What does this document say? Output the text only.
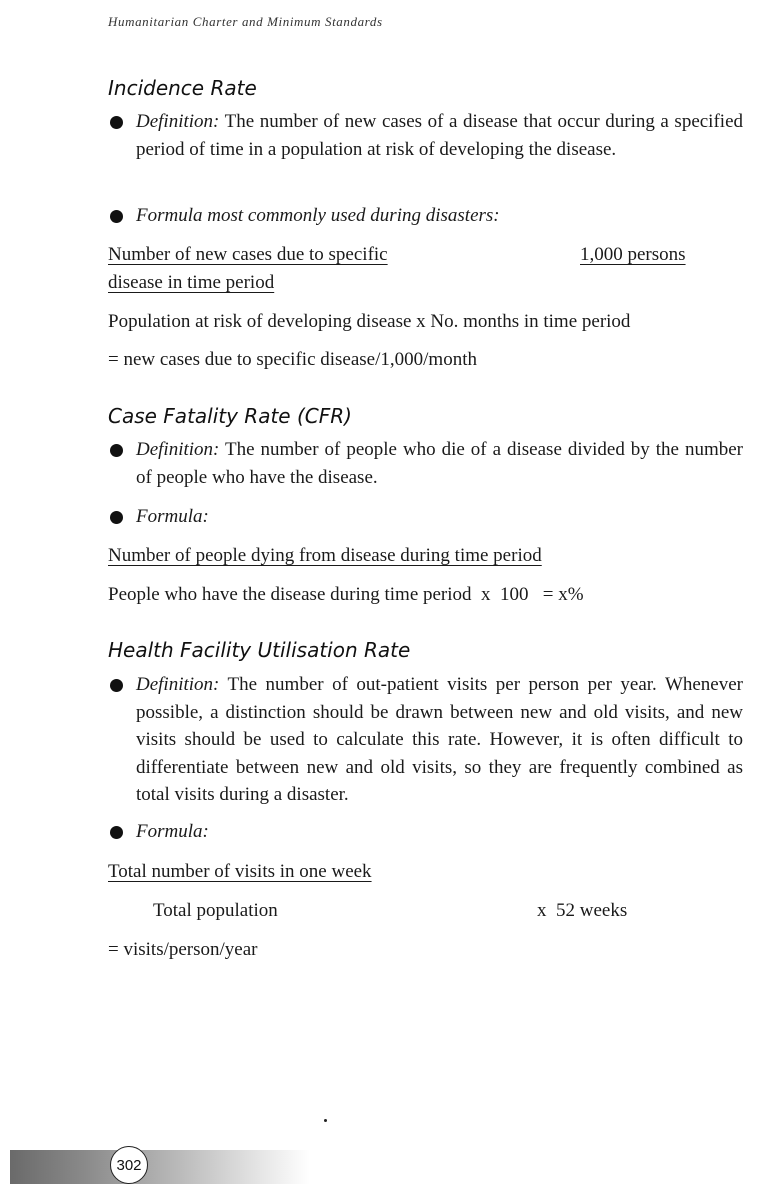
Humanitarian Charter and Minimum Standards
Incidence Rate
Definition: The number of new cases of a disease that occur during a specified period of time in a population at risk of developing the disease.
Formula most commonly used during disasters:
Number of new cases due to specific	1,000 persons
disease in time period
Population at risk of developing disease x No. months in time period
= new cases due to specific disease/1,000/month
Case Fatality Rate (CFR)
Definition: The number of people who die of a disease divided by the number of people who have the disease.
Formula:
Number of people dying from disease during time period
People who have the disease during time period  x  100   = x%
Health Facility Utilisation Rate
Definition: The number of out-patient visits per person per year. Whenever possible, a distinction should be drawn between new and old visits, and new visits should be used to calculate this rate. However, it is often difficult to differentiate between new and old visits, so they are frequently combined as total visits during a disaster.
Formula:
Total number of visits in one week
Total population	x  52 weeks
= visits/person/year
302
